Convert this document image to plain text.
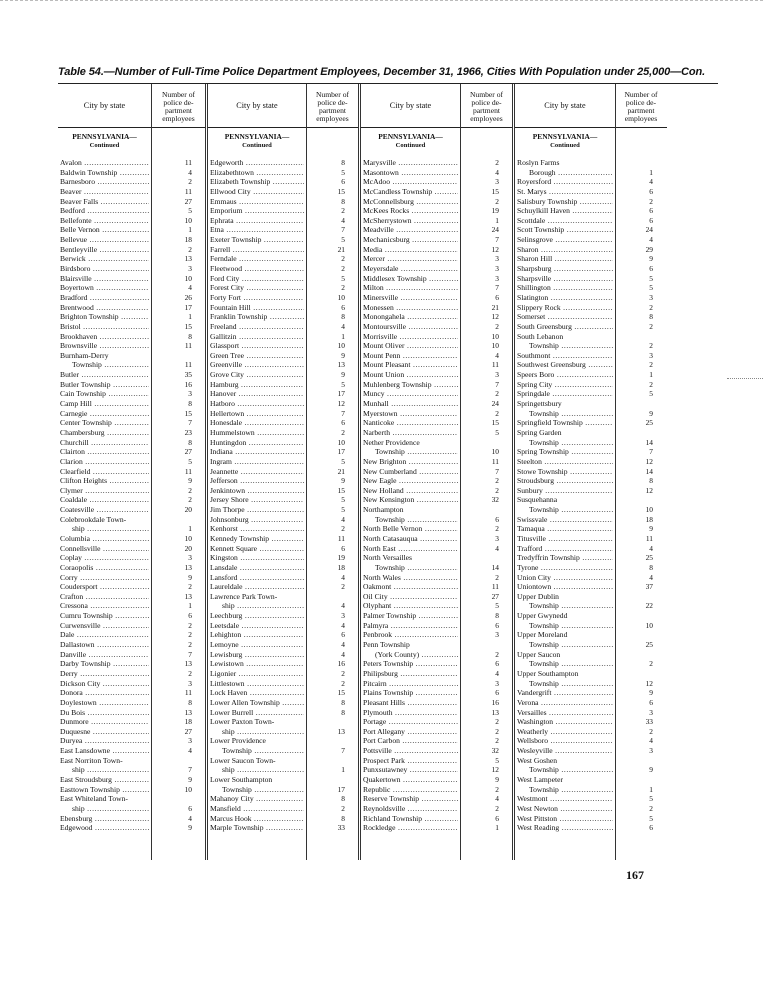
Table 54.—Number of Full-Time Police Department Employees, December 31, 1966, Cities With Population under 25,000—Con.
City by state
Number of
police de-
partment
employees
PENNSYLVANIA—
Continued
Avalon .....	11
Baldwin Township .....	4
Barnesboro .....	2
Beaver .....	11
Beaver Falls .....	27
Bedford .....	5
Bellefonte .....	10
Belle Vernon .....	1
Bellevue .....	18
Bentleyville .....	2
Berwick .....	13
Birdsboro .....	3
Blairsville .....	10
Boyertown .....	4
Bradford .....	26
Brentwood .....	17
Brighton Township .....	1
Bristol .....	15
Brookhaven .....	8
Brownsville .....	11
Burnham-Derry
Township .....	11
Butler .....	35
Butler Township .....	16
Cain Township .....	3
Camp Hill .....	8
Carnegie .....	15
Center Township .....	7
Chambersburg .....	23
Churchill .....	8
Clairton .....	27
Clarion .....	5
Clearfield .....	11
Clifton Heights .....	9
Clymer .....	2
Coaldale .....	2
Coatesville .....	20
Colebrookdale Town-
ship .....	1
Columbia .....	10
Connellsville .....	20
Coplay .....	3
Coraopolis .....	13
Corry .....	9
Coudersport .....	2
Crafton .....	13
Cressona .....	1
Cumru Township .....	6
Curwensville .....	2
Dale .....	2
Dallastown .....	2
Danville .....	7
Darby Township .....	13
Derry .....	2
Dickson City .....	3
Donora .....	11
Doylestown .....	8
Du Bois .....	13
Dunmore .....	18
Duquesne .....	27
Duryea .....	3
East Lansdowne .....	4
East Norriton Town-
ship .....	7
East Stroudsburg .....	9
Easttown Township .....	10
East Whiteland Town-
ship .....	6
Ebensburg .....	4
Edgewood .....	9
City by state
Number of
police de-
partment
employees
PENNSYLVANIA—
Continued
Edgeworth .....	8
Elizabethtown .....	5
Elizabeth Township .....	6
Ellwood City .....	15
Emmaus .....	8
Emporium .....	2
Ephrata .....	4
Etna .....	7
Exeter Township .....	5
Farrell .....	21
Ferndale .....	2
Fleetwood .....	2
Ford City .....	5
Forest City .....	2
Forty Fort .....	10
Fountain Hill .....	6
Franklin Township .....	8
Freeland .....	4
Gallitzin .....	1
Glassport .....	10
Green Tree .....	9
Greenville .....	13
Grove City .....	9
Hamburg .....	5
Hanover .....	17
Hatboro .....	12
Hellertown .....	7
Honesdale .....	6
Hummelstown .....	2
Huntingdon .....	10
Indiana .....	17
Ingram .....	5
Jeannette .....	21
Jefferson .....	9
Jenkintown .....	15
Jersey Shore .....	5
Jim Thorpe .....	5
Johnsonburg .....	4
Kenhorst .....	2
Kennedy Township .....	11
Kennett Square .....	6
Kingston .....	19
Lansdale .....	18
Lansford .....	4
Laureldale .....	2
Lawrence Park Town-
ship .....	4
Leechburg .....	3
Leetsdale .....	4
Lehighton .....	6
Lemoyne .....	4
Lewisburg .....	4
Lewistown .....	16
Ligonier .....	2
Littlestown .....	2
Lock Haven .....	15
Lower Allen Township .....	8
Lower Burrell .....	8
Lower Paxton Town-
ship .....	13
Lower Providence
Township .....	7
Lower Saucon Town-
ship .....	1
Lower Southampton
Township .....	17
Mahanoy City .....	8
Mansfield .....	2
Marcus Hook .....	8
Marple Township .....	33
City by state
Number of
police de-
partment
employees
PENNSYLVANIA—
Continued
Marysville .....	2
Masontown .....	4
McAdoo .....	3
McCandless Township .....	15
McConnellsburg .....	2
McKees Rocks .....	19
McSherrystown .....	1
Meadville .....	24
Mechanicsburg .....	7
Media .....	12
Mercer .....	3
Meyersdale .....	3
Middlesex Township .....	3
Milton .....	7
Minersville .....	6
Monessen .....	21
Monongahela .....	12
Montoursville .....	2
Morrisville .....	10
Mount Oliver .....	10
Mount Penn .....	4
Mount Pleasant .....	11
Mount Union .....	3
Muhlenberg Township .....	7
Muncy .....	2
Munhall .....	24
Myerstown .....	2
Nanticoke .....	15
Narberth .....	5
Nether Providence
Township .....	10
New Brighton .....	11
New Cumberland .....	7
New Eagle .....	2
New Holland .....	2
New Kensington .....	32
Northampton
Township .....	6
North Belle Vernon .....	2
North Catasauqua .....	3
North East .....	4
North Versailles
Township .....	14
North Wales .....	2
Oakmont .....	11
Oil City .....	27
Olyphant .....	5
Palmer Township .....	8
Palmyra .....	6
Penbrook .....	3
Penn Township
(York County) .....	2
Peters Township .....	6
Philipsburg .....	4
Pitcairn .....	3
Plains Township .....	6
Pleasant Hills .....	16
Plymouth .....	13
Portage .....	2
Port Allegany .....	2
Port Carbon .....	2
Pottsville .....	32
Prospect Park .....	5
Punxsutawney .....	12
Quakertown .....	9
Republic .....	2
Reserve Township .....	4
Reynoldsville .....	2
Richland Township .....	6
Rockledge .....	1
City by state
Number of
police de-
partment
employees
PENNSYLVANIA—
Continued
Roslyn Farms
Borough .....	1
Royersford .....	4
St. Marys .....	6
Salisbury Township .....	2
Schuylkill Haven .....	6
Scottdale .....	6
Scott Township .....	24
Selinsgrove .....	4
Sharon .....	29
Sharon Hill .....	9
Sharpsburg .....	6
Sharpsville .....	5
Shillington .....	5
Slatington .....	3
Slippery Rock .....	2
Somerset .....	8
South Greensburg .....	2
South Lebanon
Township .....	2
Southmont .....	3
Southwest Greensburg .....	2
Speers Boro .....	1
Spring City .....	2
Springdale .....	5
Springettsbury
Township .....	9
Springfield Township .....	25
Spring Garden
Township .....	14
Spring Township .....	7
Steelton .....	12
Stowe Township .....	14
Stroudsburg .....	8
Sunbury .....	12
Susquehanna
Township .....	10
Swissvale .....	18
Tamaqua .....	9
Titusville .....	11
Trafford .....	4
Tredyffrin Township .....	25
Tyrone .....	8
Union City .....	4
Uniontown .....	37
Upper Dublin
Township .....	22
Upper Gwynedd
Township .....	10
Upper Moreland
Township .....	25
Upper Saucon
Township .....	2
Upper Southampton
Township .....	12
Vandergrift .....	9
Verona .....	6
Versailles .....	3
Washington .....	33
Weatherly .....	2
Wellsboro .....	4
Wesleyville .....	3
West Goshen
Township .....	9
West Lampeter
Township .....	1
Westmont .....	5
West Newton .....	2
West Pittston .....	5
West Reading .....	6
167
